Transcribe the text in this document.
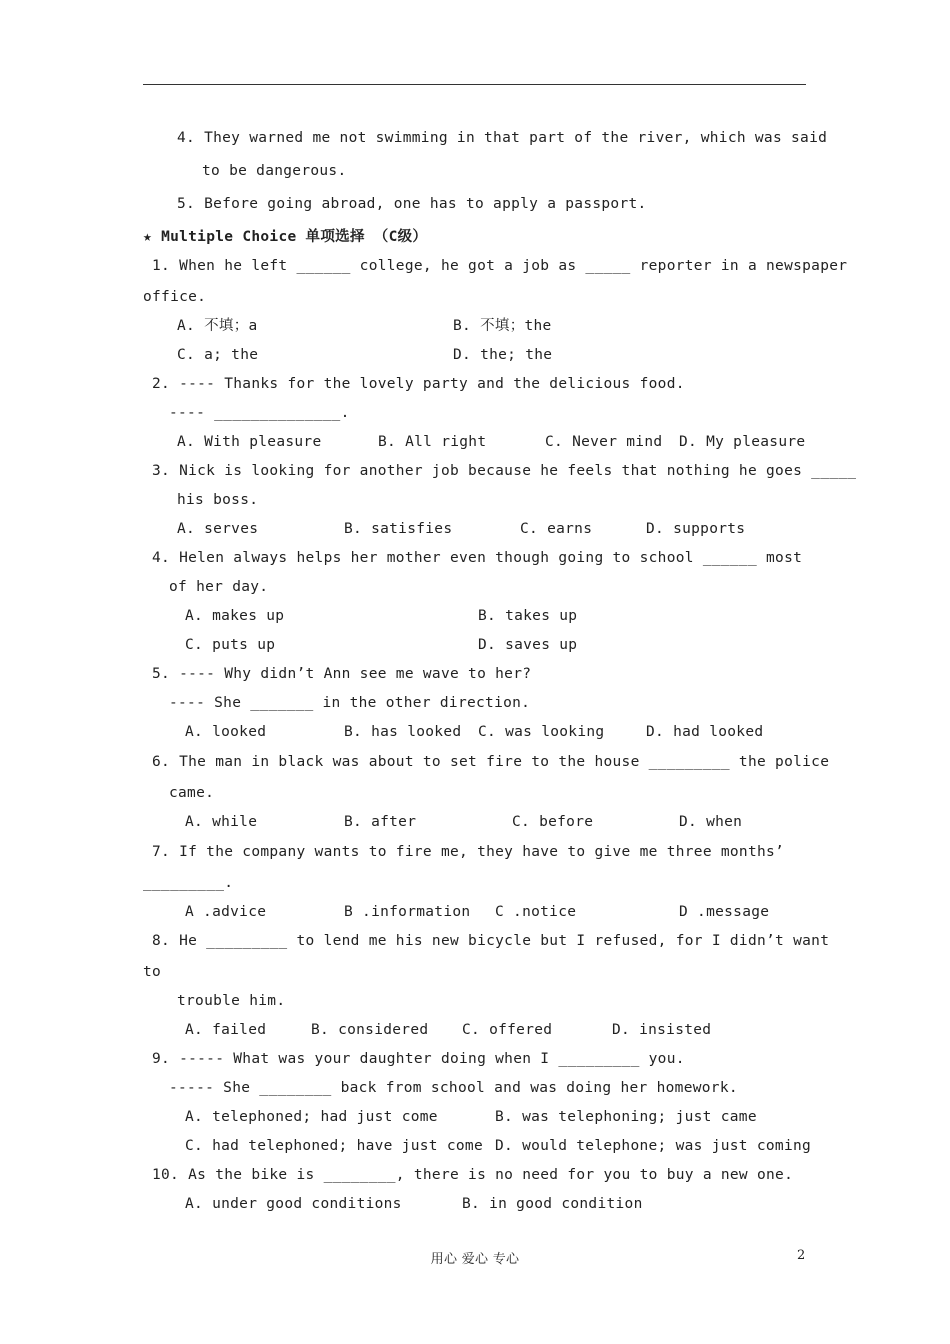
4. They warned me not swimming in that part of the river, which was said
to be dangerous.
5. Before going abroad, one has to apply a passport.
★ Multiple Choice 单项选择 （C级）
1. When he left ______ college, he got a job as _____ reporter in a newspaper
office.
A. 不填；a	B. 不填；the
C. a; the	D. the; the
2. ---- Thanks for the lovely party and the delicious food.
---- ______________.
A. With pleasure	B. All right	C. Never mind D. My pleasure
3. Nick is looking for another job because he feels that nothing he goes _____
his boss.
A. serves	B. satisfies	C. earns	D. supports
4. Helen always helps her mother even though going to school ______ most
of her day.
A. makes up	B. takes up
C. puts up	D. saves up
5. ---- Why didn’t Ann see me wave to her?
---- She _______ in the other direction.
A. looked	B. has looked C. was looking	D. had looked
6. The man in black was about to set fire to the house _________ the police
came.
A. while	B. after	C. before	D. when
7. If the company wants to fire me, they have to give me three months’
_________.
A .advice	B .information C .notice	D .message
8. He _________ to lend me his new bicycle but I refused, for I didn’t want
to
trouble him.
A. failed	B. considered C. offered	D. insisted
9. ----- What was your daughter doing when I _________ you.
----- She ________ back from school and was doing her homework.
A. telephoned; had just come	B. was telephoning; just came
C. had telephoned; have just come D. would telephone; was just coming
10. As the bike is ________, there is no need for you to buy a new one.
A. under good conditions	B. in good condition
用心 爱心 专心	2
